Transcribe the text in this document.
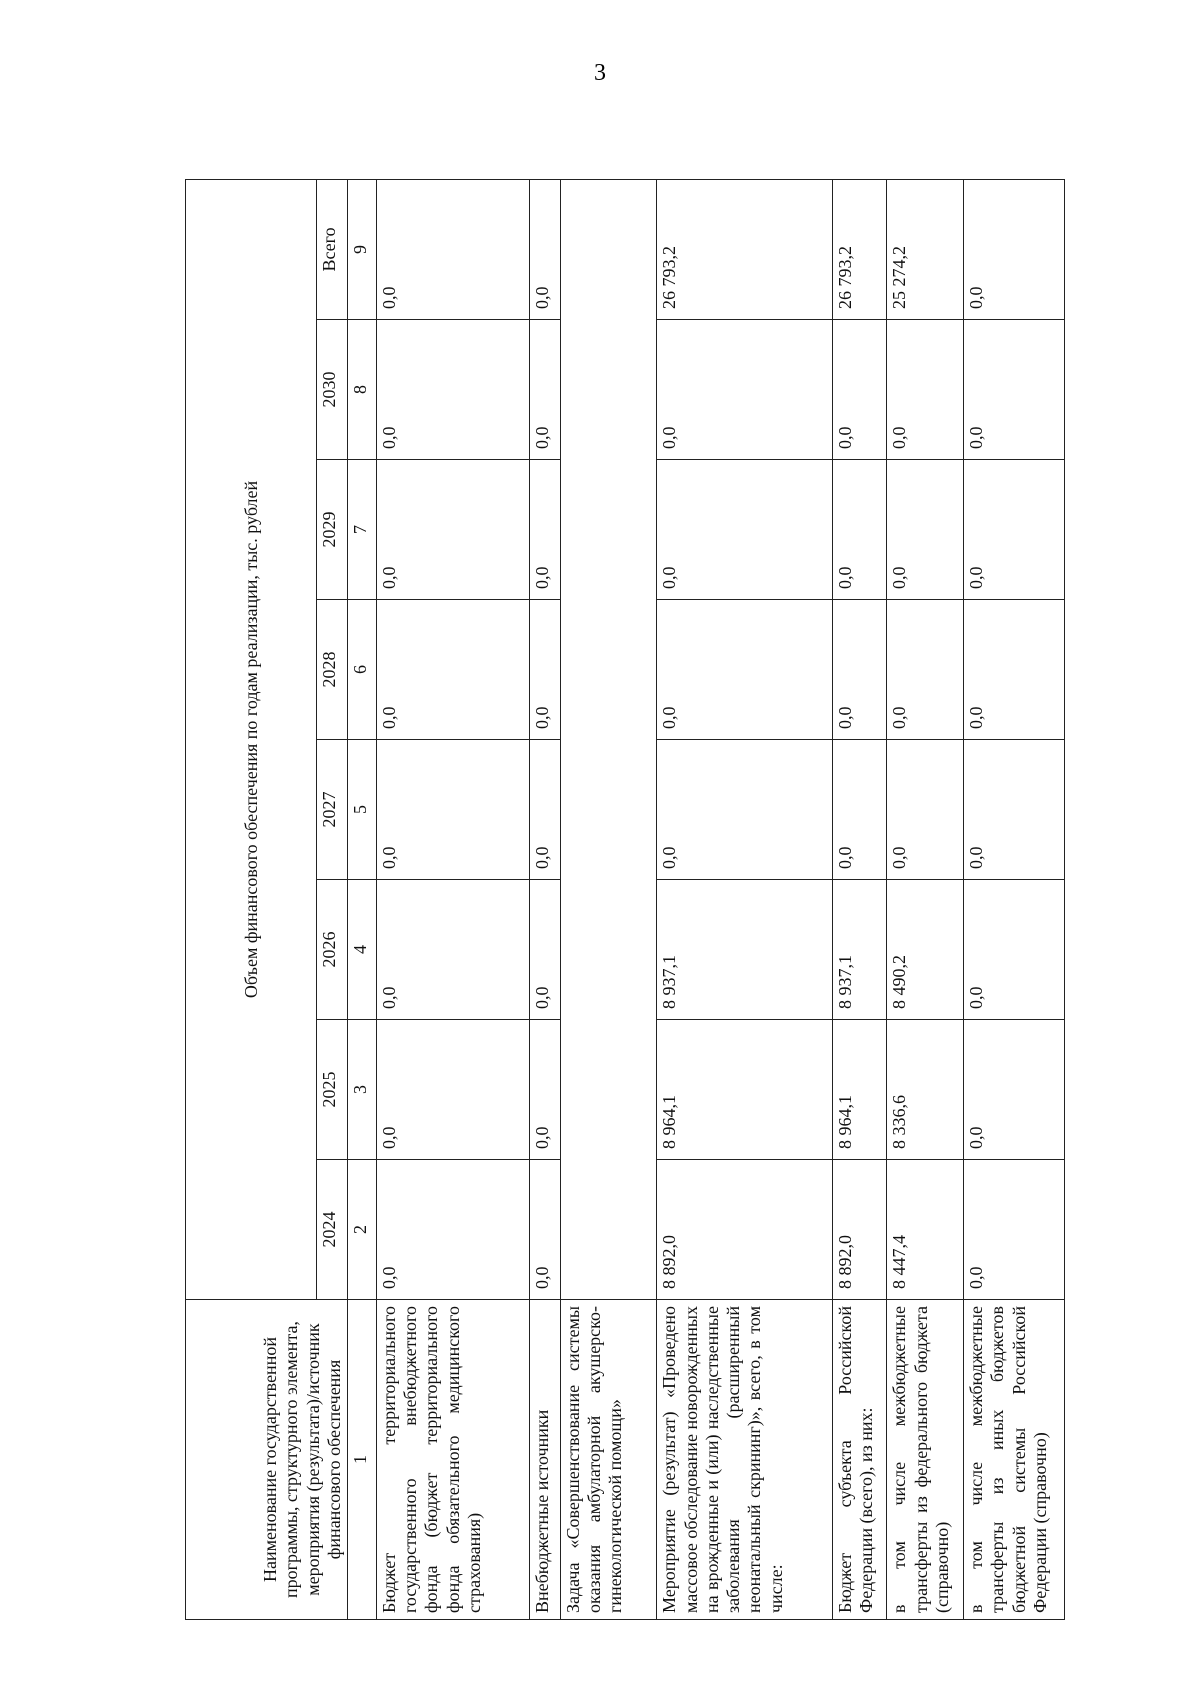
3
Наименование государственной программы, структурного элемента, мероприятия (результата)/источник финансового обеспечения	Объем финансового обеспечения по годам реализации, тыс. рублей							
	2024	2025	2026	2027	2028	2029	2030	Всего
1	2	3	4	5	6	7	8	9
Бюджет территориального государственного внебюджетного фонда (бюджет территориального фонда обязательного медицинского страхования)	0,0	0,0	0,0	0,0	0,0	0,0	0,0	0,0
Внебюджетные источники	0,0	0,0	0,0	0,0	0,0	0,0	0,0	0,0
Задача «Совершенствование системы оказания амбулаторной акушерско-гинекологической помощи»								
Мероприятие (результат) «Проведено массовое обследование новорожденных на врожденные и (или) наследственные заболевания (расширенный неонатальный скрининг)», всего, в том числе:	8 892,0	8 964,1	8 937,1	0,0	0,0	0,0	0,0	26 793,2
Бюджет субъекта Российской Федерации (всего), из них:	8 892,0	8 964,1	8 937,1	0,0	0,0	0,0	0,0	26 793,2
в том числе межбюджетные трансферты из федерального бюджета (справочно)	8 447,4	8 336,6	8 490,2	0,0	0,0	0,0	0,0	25 274,2
в том числе межбюджетные трансферты из иных бюджетов бюджетной системы Российской Федерации (справочно)	0,0	0,0	0,0	0,0	0,0	0,0	0,0	0,0
